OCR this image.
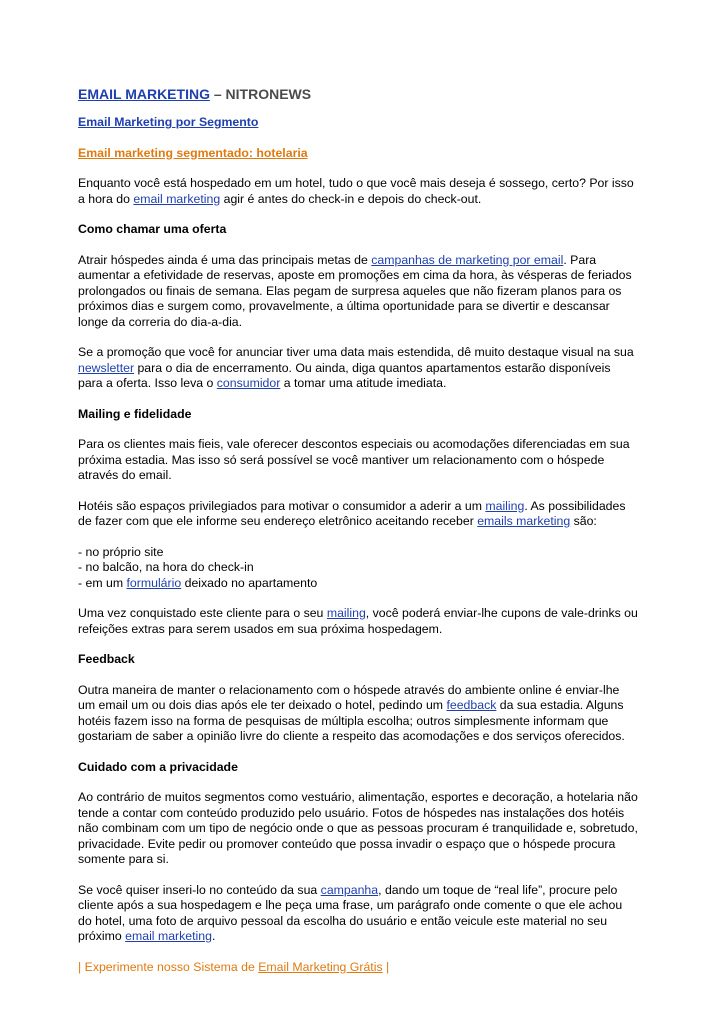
EMAIL MARKETING – NITRONEWS
Email Marketing por Segmento
Email marketing segmentado: hotelaria

Enquanto você está hospedado em um hotel, tudo o que você mais deseja é sossego, certo? Por isso a hora do email marketing agir é antes do check-in e depois do check-out.

Como chamar uma oferta

Atrair hóspedes ainda é uma das principais metas de campanhas de marketing por email. Para aumentar a efetividade de reservas, aposte em promoções em cima da hora, às vésperas de feriados prolongados ou finais de semana. Elas pegam de surpresa aqueles que não fizeram planos para os próximos dias e surgem como, provavelmente, a última oportunidade para se divertir e descansar longe da correria do dia-a-dia.

Se a promoção que você for anunciar tiver uma data mais estendida, dê muito destaque visual na sua newsletter para o dia de encerramento. Ou ainda, diga quantos apartamentos estarão disponíveis para a oferta. Isso leva o consumidor a tomar uma atitude imediata.

Mailing e fidelidade

Para os clientes mais fieis, vale oferecer descontos especiais ou acomodações diferenciadas em sua próxima estadia. Mas isso só será possível se você mantiver um relacionamento com o hóspede através do email.

Hotéis são espaços privilegiados para motivar o consumidor a aderir a um mailing. As possibilidades de fazer com que ele informe seu endereço eletrônico aceitando receber emails marketing são:

- no próprio site

- no balcão, na hora do check-in

- em um formulário deixado no apartamento

Uma vez conquistado este cliente para o seu mailing, você poderá enviar-lhe cupons de vale-drinks ou refeições extras para serem usados em sua próxima hospedagem.

Feedback

Outra maneira de manter o relacionamento com o hóspede através do ambiente online é enviar-lhe um email um ou dois dias após ele ter deixado o hotel, pedindo um feedback da sua estadia. Alguns hotéis fazem isso na forma de pesquisas de múltipla escolha; outros simplesmente informam que gostariam de saber a opinião livre do cliente a respeito das acomodações e dos serviços oferecidos.

Cuidado com a privacidade

Ao contrário de muitos segmentos como vestuário, alimentação, esportes e decoração, a hotelaria não tende a contar com conteúdo produzido pelo usuário. Fotos de hóspedes nas instalações dos hotéis não combinam com um tipo de negócio onde o que as pessoas procuram é tranquilidade e, sobretudo, privacidade. Evite pedir ou promover conteúdo que possa invadir o espaço que o hóspede procura somente para si.

Se você quiser inseri-lo no conteúdo da sua campanha, dando um toque de “real life”, procure pelo cliente após a sua hospedagem e lhe peça uma frase, um parágrafo onde comente o que ele achou do hotel, uma foto de arquivo pessoal da escolha do usuário e então veicule este material no seu próximo email marketing.

| Experimente nosso Sistema de Email Marketing Grátis |
